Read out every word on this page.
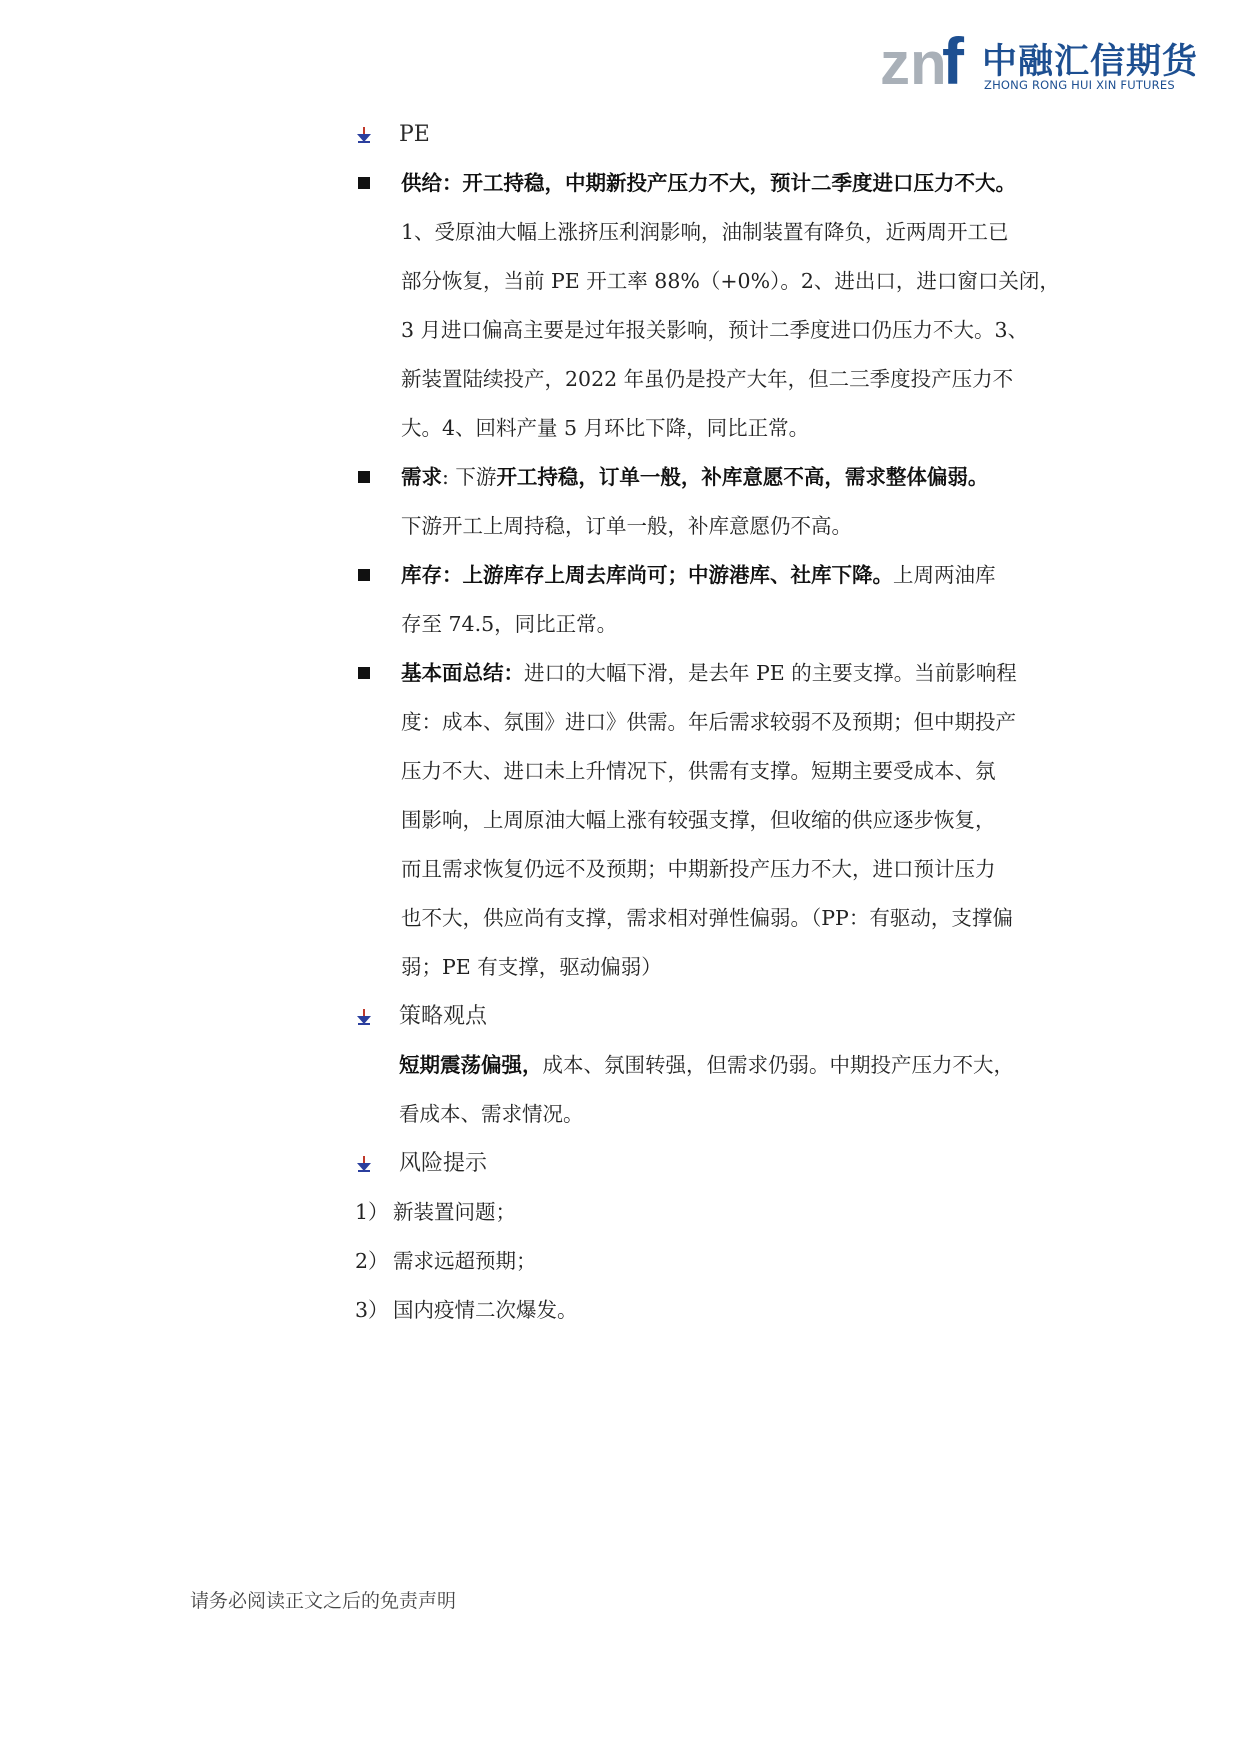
z n
f 中融汇信期货
ZHONG RONG HUI XIN FUTURES
PE
供给：开工持稳，中期新投产压力不大，预计二季度进口压力不大。
1、受原油大幅上涨挤压利润影响，油制装置有降负，近两周开工已
部分恢复，当前 PE 开工率 88%（+0%）。2、进出口，进口窗口关闭，
3 月进口偏高主要是过年报关影响，预计二季度进口仍压力不大。3、
新装置陆续投产，2022 年虽仍是投产大年，但二三季度投产压力不
大。4、回料产量 5 月环比下降，同比正常。
需求: 下游开工持稳，订单一般，补库意愿不高，需求整体偏弱。
下游开工上周持稳，订单一般，补库意愿仍不高。
库存：上游库存上周去库尚可；中游港库、社库下降。上周两油库
存至 74.5，同比正常。
基本面总结：进口的大幅下滑，是去年 PE 的主要支撑。当前影响程
度：成本、氛围》进口》供需。年后需求较弱不及预期；但中期投产
压力不大、进口未上升情况下，供需有支撑。短期主要受成本、氛
围影响，上周原油大幅上涨有较强支撑，但收缩的供应逐步恢复，
而且需求恢复仍远不及预期；中期新投产压力不大，进口预计压力
也不大，供应尚有支撑，需求相对弹性偏弱。（PP：有驱动，支撑偏
弱；PE 有支撑，驱动偏弱）
策略观点
短期震荡偏强，成本、氛围转强，但需求仍弱。中期投产压力不大，
看成本、需求情况。
风险提示
1） 新装置问题；
2） 需求远超预期；
3） 国内疫情二次爆发。
请务必阅读正文之后的免责声明
